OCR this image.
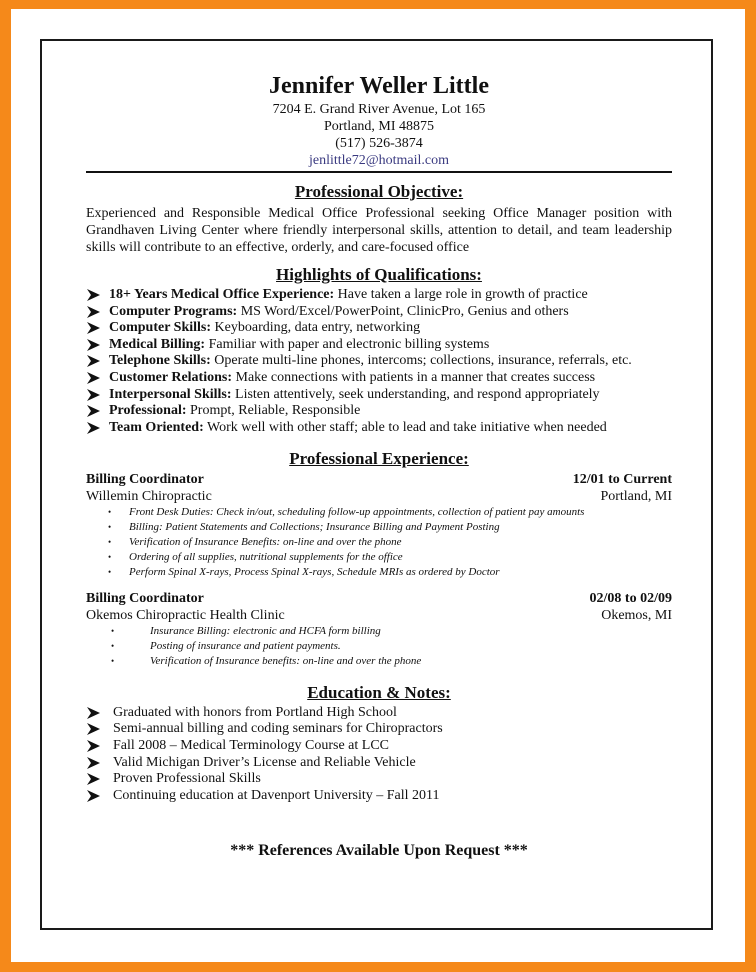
Jennifer Weller Little
7204 E. Grand River Avenue, Lot 165
Portland, MI 48875
(517) 526-3874
jenlittle72@hotmail.com
Professional Objective:
Experienced and Responsible Medical Office Professional seeking Office Manager position with Grandhaven Living Center where friendly interpersonal skills, attention to detail, and team leadership skills will contribute to an effective, orderly, and care-focused office
Highlights of Qualifications:
18+ Years Medical Office Experience: Have taken a large role in growth of practice
Computer Programs: MS Word/Excel/PowerPoint, ClinicPro, Genius and others
Computer Skills: Keyboarding, data entry, networking
Medical Billing: Familiar with paper and electronic billing systems
Telephone Skills: Operate multi-line phones, intercoms; collections, insurance, referrals, etc.
Customer Relations: Make connections with patients in a manner that creates success
Interpersonal Skills: Listen attentively, seek understanding, and respond appropriately
Professional: Prompt, Reliable, Responsible
Team Oriented: Work well with other staff; able to lead and take initiative when needed
Professional Experience:
Billing Coordinator	12/01 to Current
Willemin Chiropractic	Portland, MI
• Front Desk Duties: Check in/out, scheduling follow-up appointments, collection of patient pay amounts
• Billing: Patient Statements and Collections; Insurance Billing and Payment Posting
• Verification of Insurance Benefits: on-line and over the phone
• Ordering of all supplies, nutritional supplements for the office
• Perform Spinal X-rays, Process Spinal X-rays, Schedule MRIs as ordered by Doctor
Billing Coordinator	02/08 to 02/09
Okemos Chiropractic Health Clinic	Okemos, MI
•	Insurance Billing: electronic and HCFA form billing
•	Posting of insurance and patient payments.
•	Verification of Insurance benefits: on-line and over the phone
Education & Notes:
Graduated with honors from Portland High School
Semi-annual billing and coding seminars for Chiropractors
Fall 2008 – Medical Terminology Course at LCC
Valid Michigan Driver’s License and Reliable Vehicle
Proven Professional Skills
Continuing education at Davenport University – Fall 2011
*** References Available Upon Request ***
